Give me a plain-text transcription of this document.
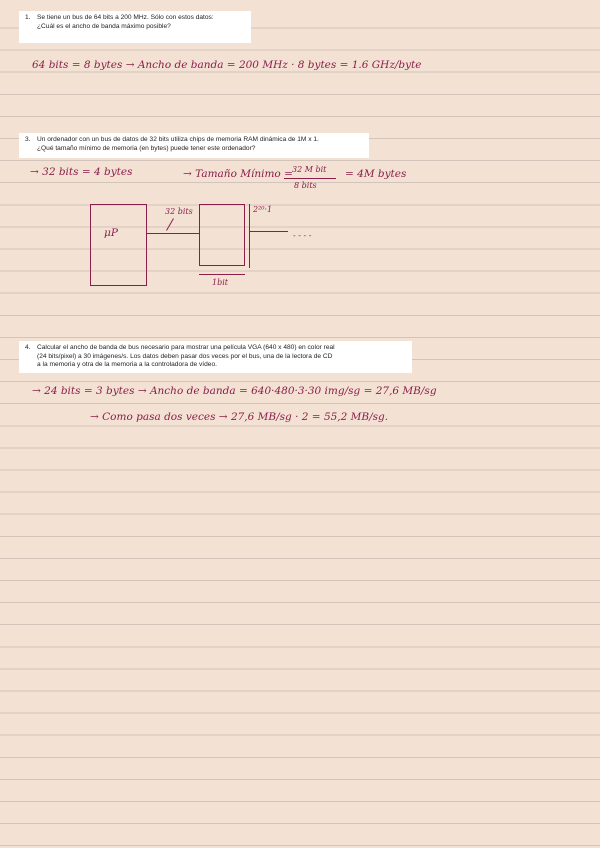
1. Se tiene un bus de 64 bits a 200 MHz. Sólo con estos datos:
¿Cuál es el ancho de banda máximo posible?
64 bits = 8 bytes → Ancho de banda = 200 MHz · 8 bytes = 1.6 GHz/byte
3. Un ordenador con un bus de datos de 32 bits utiliza chips de memoria RAM dinámica de 1M x 1.
¿Qué tamaño mínimo de memoria (en bytes) puede tener este ordenador?
→ 32 bits = 4 bytes	→ Tamaño Mínimo = 32 M bit
8 bits
= 4M bytes
μP
32 bits	2²⁰·1
- - - -
1bit
4. Calcular el ancho de banda de bus necesario para mostrar una película VGA (640 x 480) en color real
(24 bits/pixel) a 30 imágenes/s. Los datos deben pasar dos veces por el bus, una de la lectora de CD
a la memoria y otra de la memoria a la controladora de vídeo.
→ 24 bits = 3 bytes → Ancho de banda = 640·480·3·30 img/sg = 27,6 MB/sg
→ Como pasa dos veces → 27,6 MB/sg · 2 = 55,2 MB/sg.
